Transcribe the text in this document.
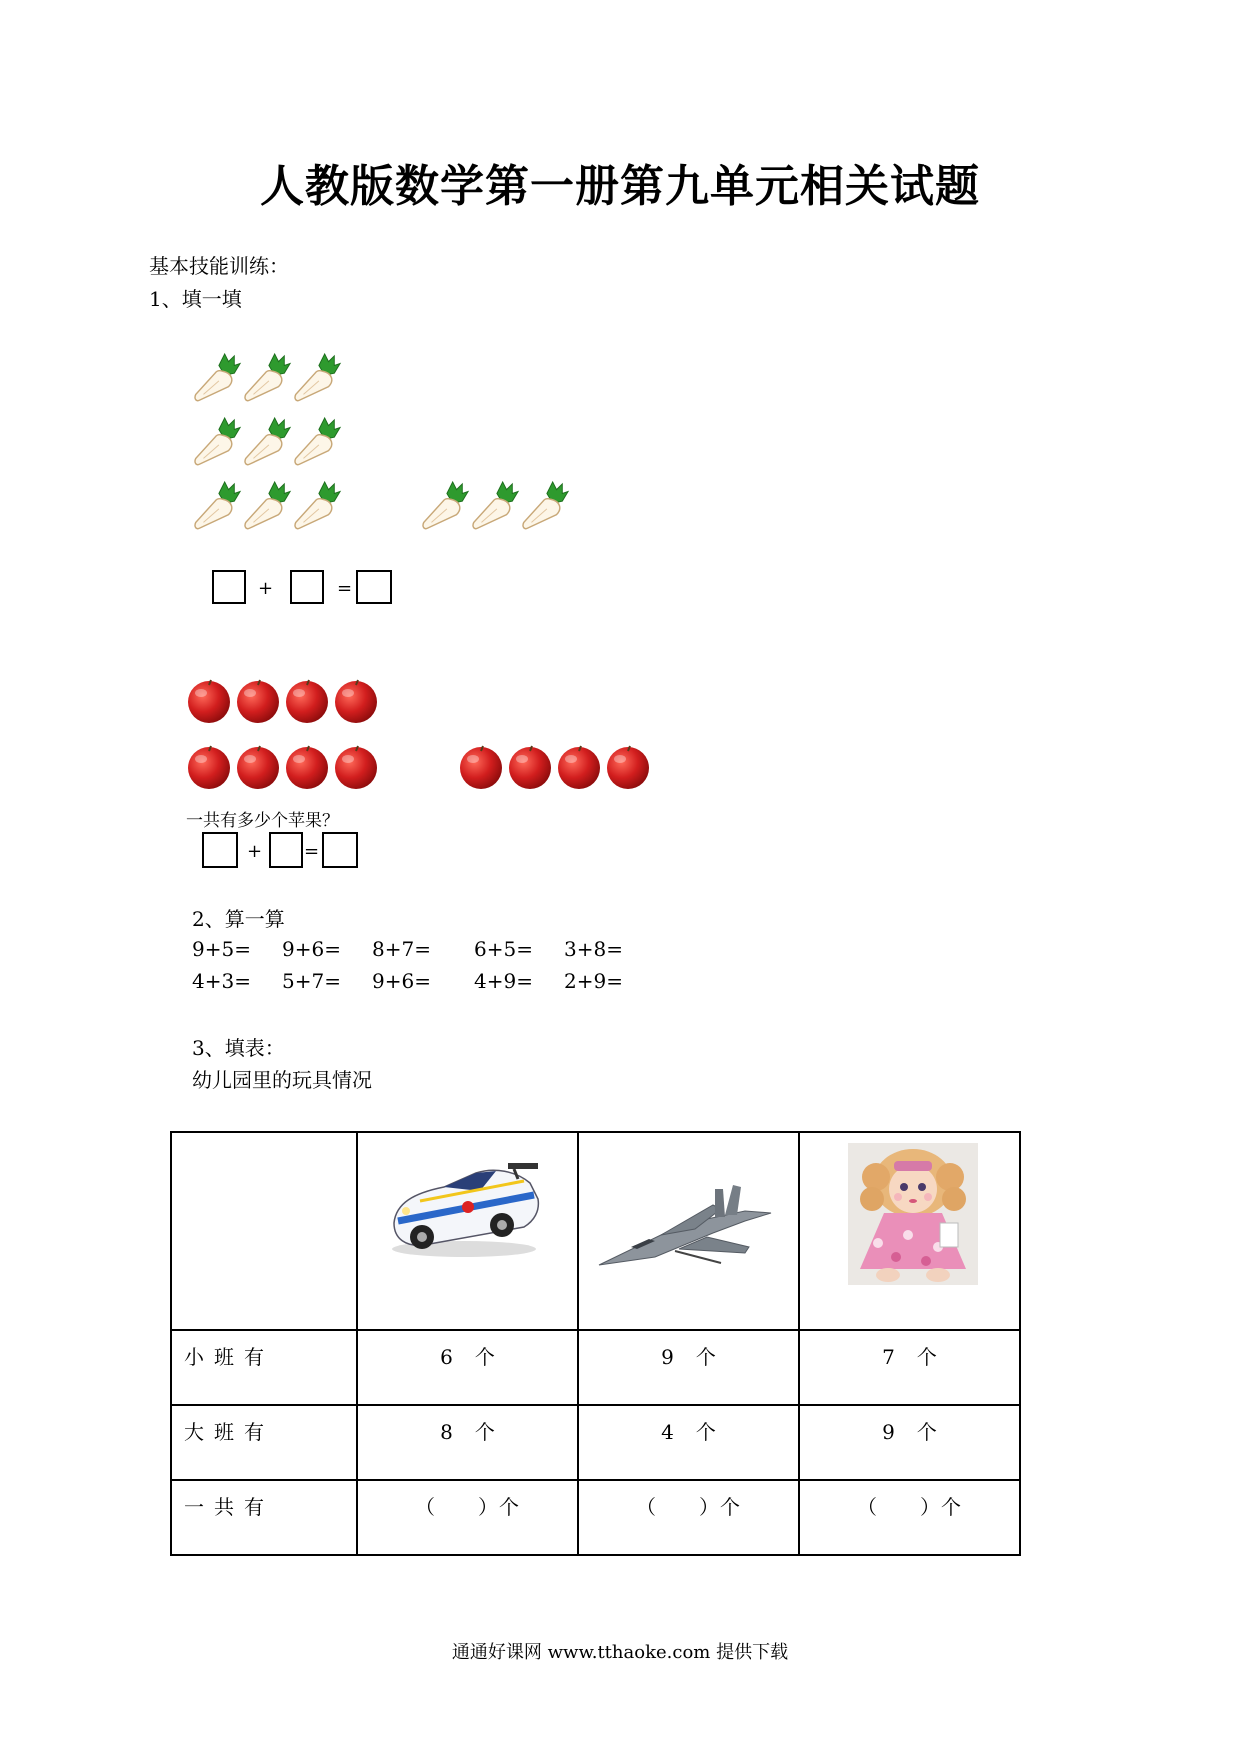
人教版数学第一册第九单元相关试题
基本技能训练：
1、填一填
+	=
一共有多少个苹果？
+ =
2、算一算
9+5= 9+6= 8+7= 6+5= 3+8=
4+3= 5+7= 9+6= 4+9= 2+9=
3、填表：
幼儿园里的玩具情况

小班有	6 个	9 个	7 个
大班有	8 个	4 个	9 个
一共有	（　　）个	（　　）个	（　　）个
通通好课网 www.tthaoke.com 提供下载
